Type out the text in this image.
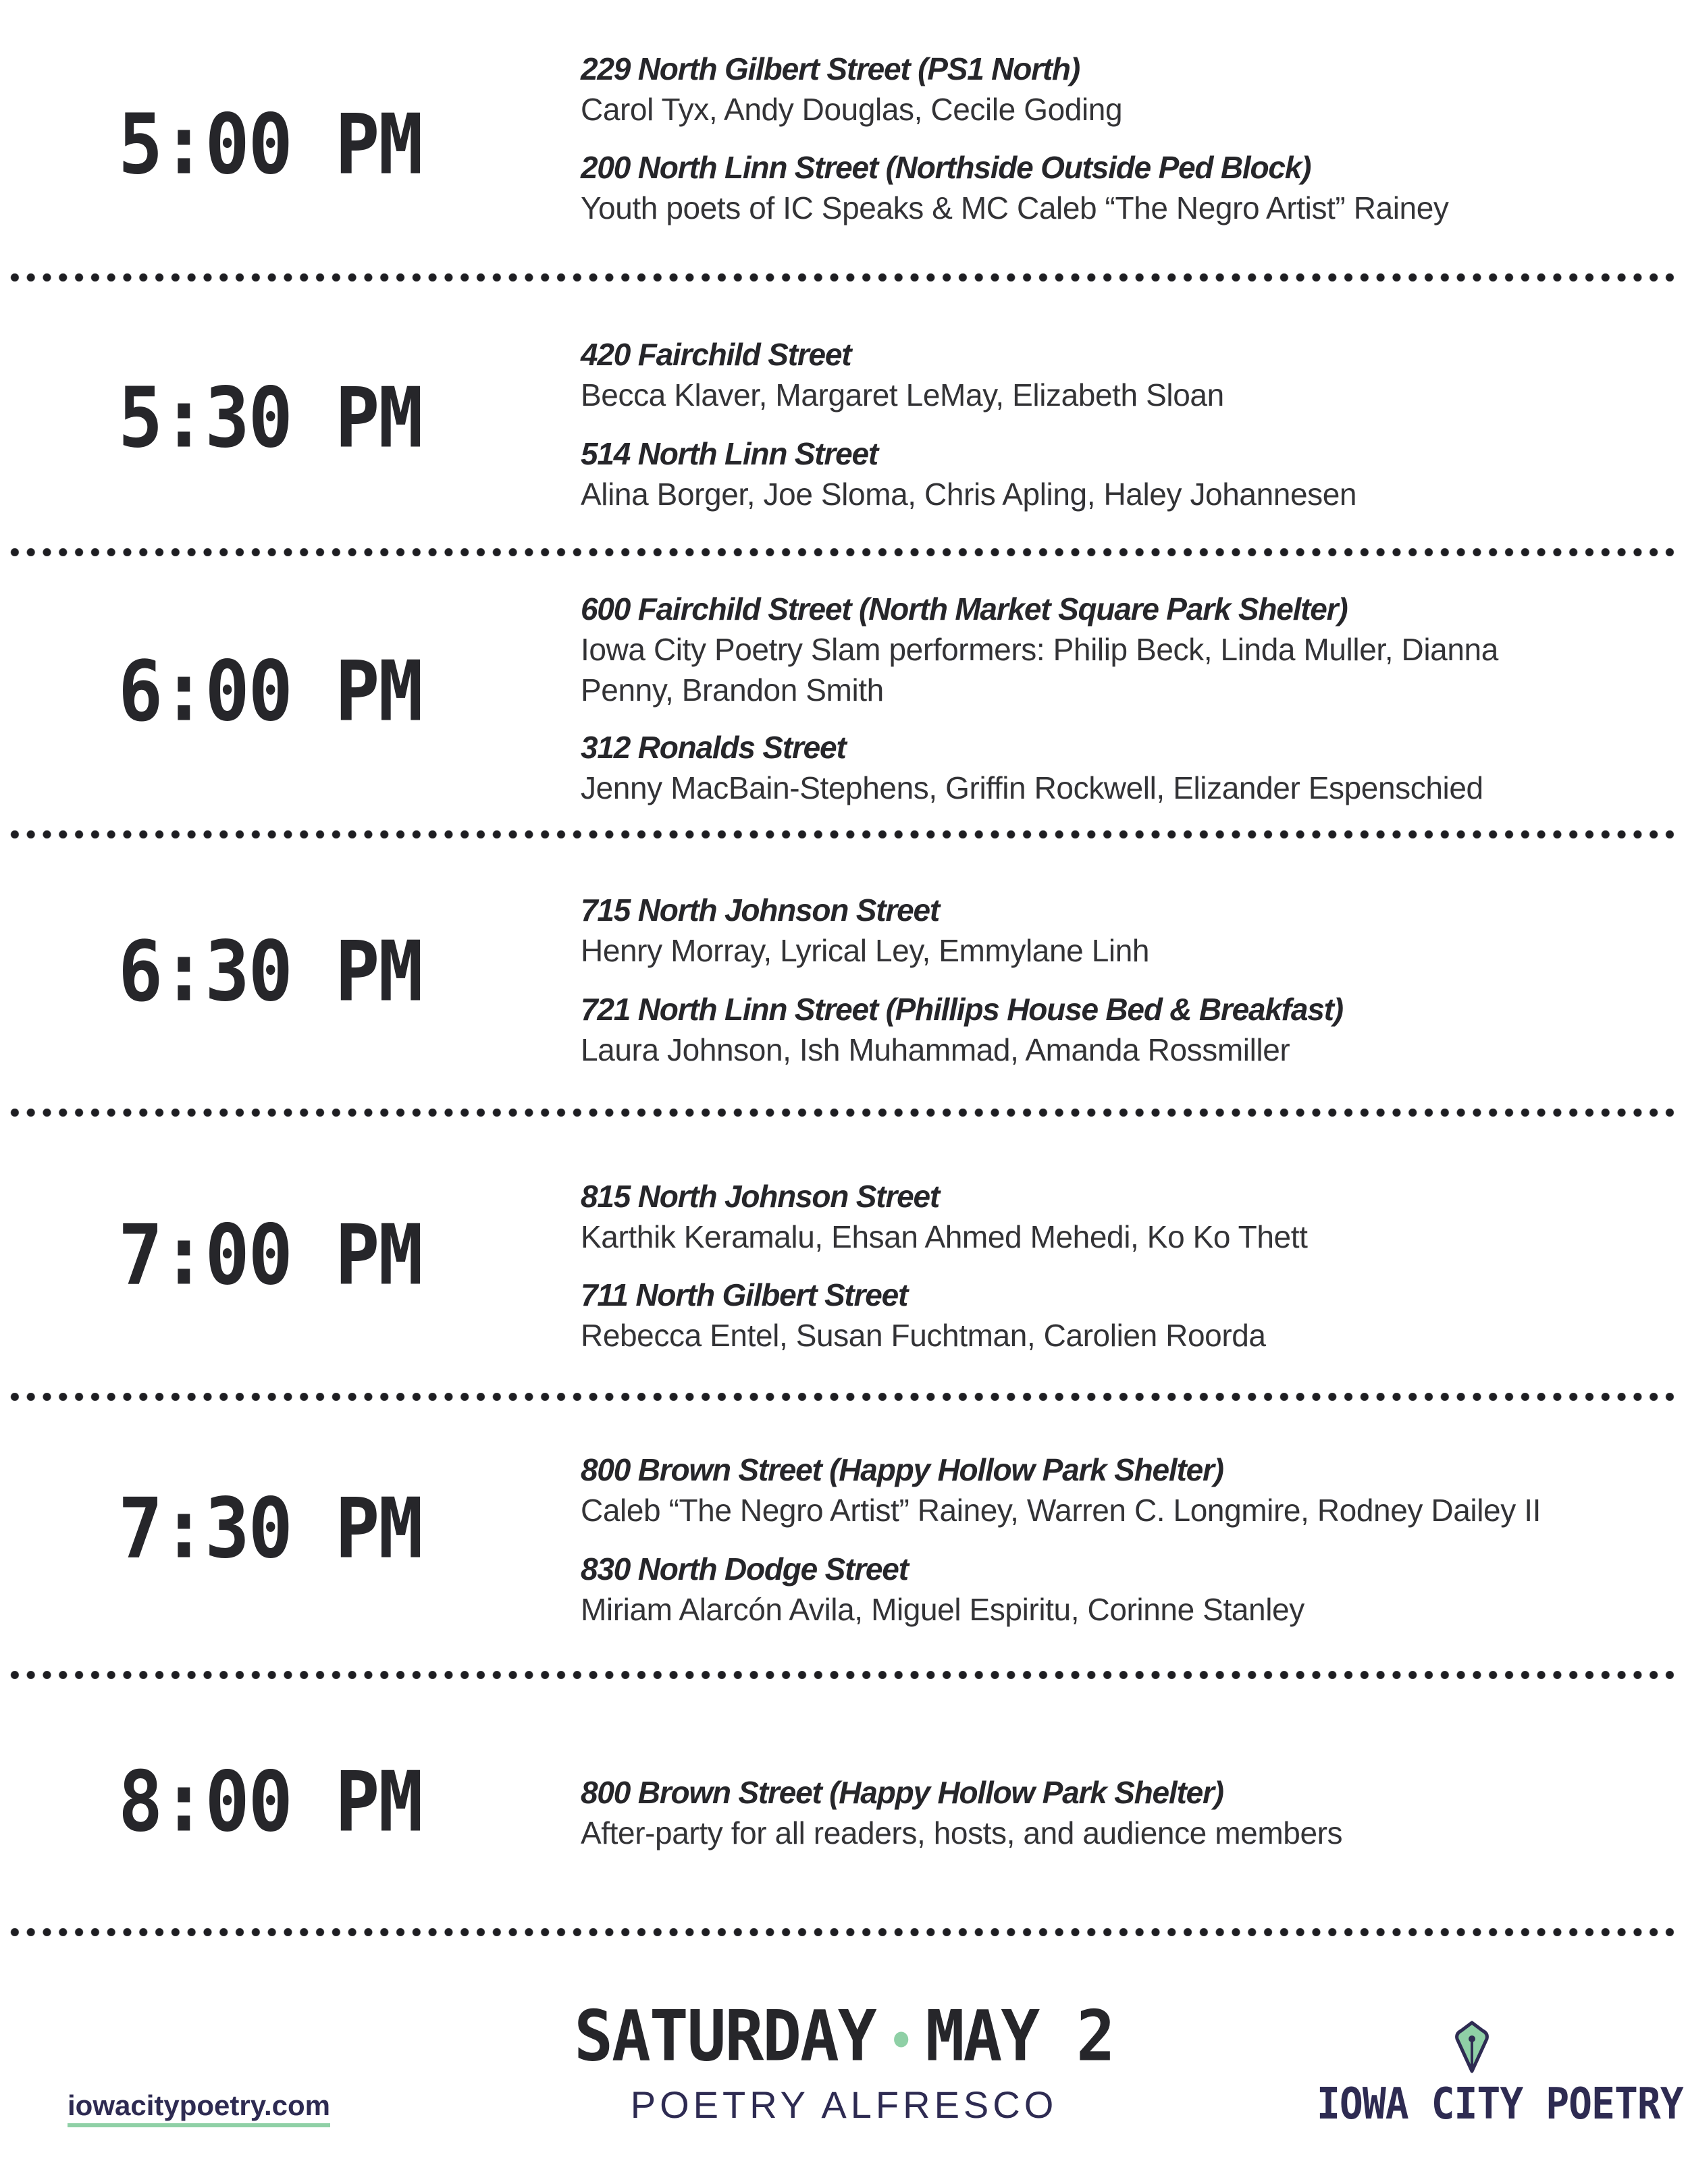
5:00 PM
229 North Gilbert Street (PS1 North)
Carol Tyx, Andy Douglas, Cecile Goding
200 North Linn Street (Northside Outside Ped Block)
Youth poets of IC Speaks & MC Caleb “The Negro Artist” Rainey
5:30 PM
420 Fairchild Street
Becca Klaver, Margaret LeMay, Elizabeth Sloan
514 North Linn Street
Alina Borger, Joe Sloma, Chris Apling, Haley Johannesen
6:00 PM
600 Fairchild Street (North Market Square Park Shelter)
Iowa City Poetry Slam performers: Philip Beck, Linda Muller, Dianna
Penny, Brandon Smith
312 Ronalds Street
Jenny MacBain-Stephens, Griffin Rockwell, Elizander Espenschied
6:30 PM
715 North Johnson Street
Henry Morray, Lyrical Ley, Emmylane Linh
721 North Linn Street (Phillips House Bed & Breakfast)
Laura Johnson, Ish Muhammad, Amanda Rossmiller
7:00 PM
815 North Johnson Street
Karthik Keramalu, Ehsan Ahmed Mehedi, Ko Ko Thett
711 North Gilbert Street
Rebecca Entel, Susan Fuchtman, Carolien Roorda
7:30 PM
800 Brown Street (Happy Hollow Park Shelter)
Caleb “The Negro Artist” Rainey, Warren C. Longmire, Rodney Dailey II
830 North Dodge Street
Miriam Alarcón Avila, Miguel Espiritu, Corinne Stanley
8:00 PM	800 Brown Street (Happy Hollow Park Shelter)
After-party for all readers, hosts, and audience members
SATURDAY • MAY 2
POETRY ALFRESCO
iowacitypoetry.com	IOWA CITY POETRY
